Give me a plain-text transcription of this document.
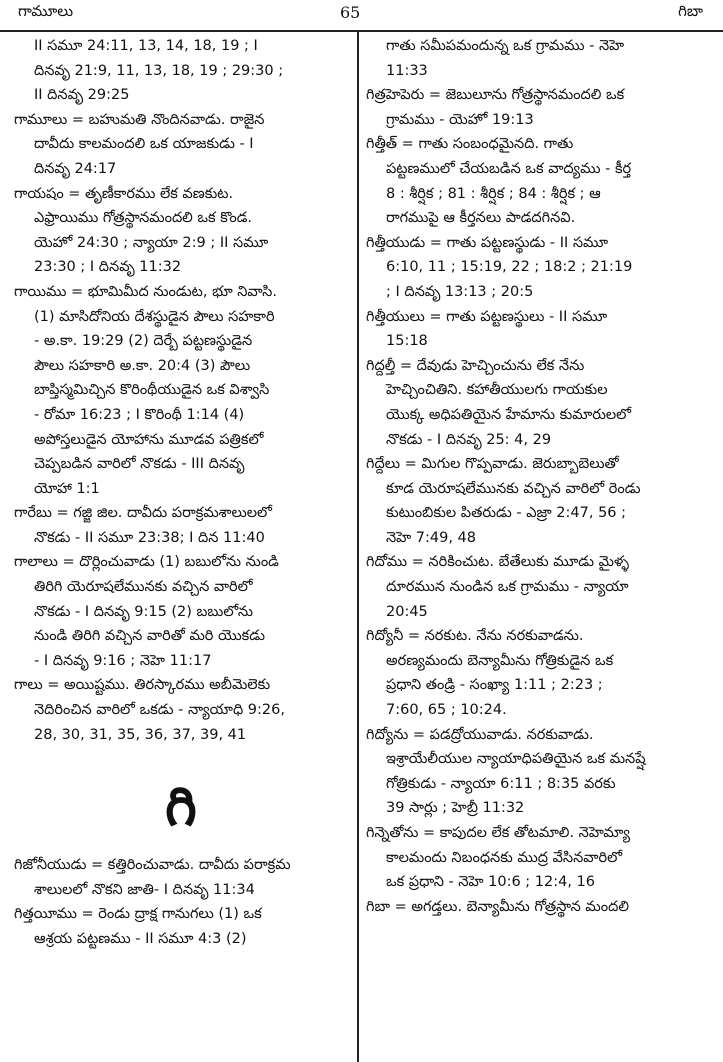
గామూలు	65	గిబా
II సమూ 24:11, 13, 14, 18, 19 ; I
దినవృ 21:9, 11, 13, 18, 19 ; 29:30 ;
II దినవృ 29:25
గామూలు = బహుమతి నొందినవాడు. రాజైన
దావీదు కాలమందలి ఒక యాజకుడు - I
దినవృ 24:17
గాయషం = తృణీకారము లేక వణకుట.
ఎఫ్రాయిము గోత్రస్థానమందలి ఒక కొండ.
యెహో 24:30 ; న్యాయా 2:9 ; II సమూ
23:30 ; I దినవృ 11:32
గాయిము = భూమిమీద నుండుట, భూ నివాసి.
(1) మాసిదోనియ దేశస్థుడైన పౌలు సహకారి
- అ.కా. 19:29 (2) దెర్బే పట్టణస్థుడైన
పౌలు సహకారి అ.కా. 20:4 (3) పౌలు
బాప్తిస్మమిచ్చిన కొరింథీయుడైన ఒక విశ్వాసి
- రోమా 16:23 ; I కొరింథీ 1:14 (4)
అపోస్తలుడైన యోహాను మూడవ పత్రికలో
చెప్పబడిన వారిలో నొకడు - III దినవృ
యోహా 1:1
గారేబు = గజ్జి జిల. దావీదు పరాక్రమశాలులలో
నొకడు - II సమూ 23:38; I దిన 11:40
గాలాలు = దొర్లించువాడు (1) బబులోను నుండి
తిరిగి యెరూషలేమునకు వచ్చిన వారిలో
నొకడు - I దినవృ 9:15 (2) బబులోను
నుండి తిరిగి వచ్చిన వారితో మరి యొకడు
- I దినవృ 9:16 ; నెహె 11:17
గాలు = అయిష్టము. తిరస్కారము అబీమెలెకు
నెదిరించిన వారిలో ఒకడు - న్యాయాధి 9:26,
28, 30, 31, 35, 36, 37, 39, 41
గి
గిజోనీయుడు = కత్తిరించువాడు. దావీదు పరాక్రమ
శాలులలో నొకని జాతి- I దినవృ 11:34
గిత్తయీము = రెండు ద్రాక్ష గానుగలు (1) ఒక
ఆశ్రయ పట్టణము - II సమూ 4:3 (2)
గాతు సమీపమందున్న ఒక గ్రామము - నెహె
11:33
గిత్రహెపెరు = జెబులూను గోత్రస్థానమందలి ఒక
గ్రామము - యెహో 19:13
గిత్తీత్ = గాతు సంబంధమైనది. గాతు
పట్టణములో చేయబడిన ఒక వాద్యము - కీర్త
8 : శీర్షిక ; 81 : శీర్షిక ; 84 : శీర్షిక ; ఆ
రాగముపై ఆ కీర్తనలు పాడదగినవి.
గిత్తీయుడు = గాతు పట్టణస్థుడు - II సమూ
6:10, 11 ; 15:19, 22 ; 18:2 ; 21:19
; I దినవృ 13:13 ; 20:5
గిత్తీయులు = గాతు పట్టణస్థులు - II సమూ
15:18
గిద్దల్తీ = దేవుడు హెచ్చించును లేక నేను
హెచ్చించితిని. కహాతీయులగు గాయకుల
యొక్క అధిపతియైన హేమాను కుమారులలో
నొకడు - I దినవృ 25: 4, 29
గిద్దేలు = మిగుల గొప్పవాడు. జెరుబ్బాబెలుతో
కూడ యెరూషలేమునకు వచ్చిన వారిలో రెండు
కుటుంబికుల పితరుడు - ఎజ్రా 2:47, 56 ;
నెహె 7:49, 48
గిదోము = నరికించుట. బేతేలుకు మూడు మైళ్ళ
దూరమున నుండిన ఒక గ్రామము - న్యాయా
20:45
గిద్యోనీ = నరకుట. నేను నరకువాడను.
అరణ్యమందు బెన్యామీను గోత్రికుడైన ఒక
ప్రధాని తండ్రి - సంఖ్యా 1:11 ; 2:23 ;
7:60, 65 ; 10:24.
గిద్యోను = పడద్రోయువాడు. నరకువాడు.
ఇశ్రాయేలీయుల న్యాయాధిపతియైన ఒక మనష్షే
గోత్రికుడు - న్యాయా 6:11 ; 8:35 వరకు
39 సార్లు ; హెబ్రీ 11:32
గిన్నెతోను = కాపుదల లేక తోటమాలి. నెహెమ్యా
కాలమందు నిబంధనకు ముద్ర వేసినవారిలో
ఒక ప్రధాని - నెహె 10:6 ; 12:4, 16
గిబా = అగడ్తలు. బెన్యామీను గోత్రస్థాన మందలి
